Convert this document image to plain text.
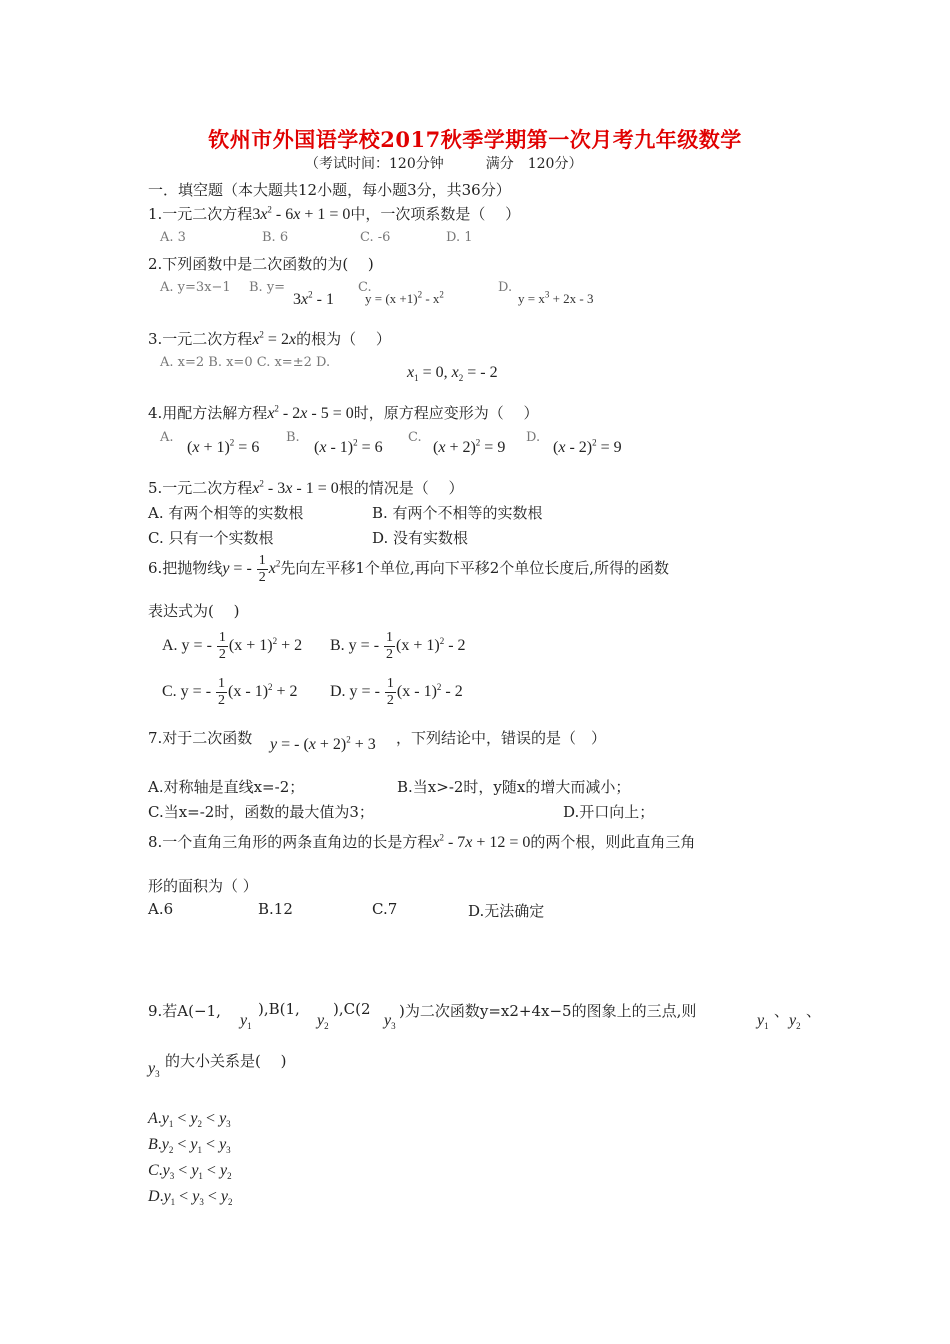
钦州市外国语学校2017秋季学期第一次月考九年级数学
（考试时间：120分钟　　　满分　120分）
一．填空题（本大题共12小题，每小题3分，共36分）
1.一元二次方程$3x^2 - 6x + 1 = 0$中，一次项系数是（　 ）
A. 3	B. 6	C. -6	D. 1
2.下列函数中是二次函数的为(　 )
A. y=3x−1 B. y=
$3x^2 - 1$
C.
$y = (x +1)^2 - x^2$	D.
$y = x^3 + 2x - 3$
3.一元二次方程$x^2 = 2x$的根为（　 ）
A. x=2 B. x=0 C. x=±2 D.
$x_1 = 0$, $x_2$ = - 2
4.用配方法解方程$x^2 - 2x - 5 = 0$时，原方程应变形为（　 ）
A.
$(x + 1)^2 = 6$
B.
(x - 1)$^2$ = 6
C.
$(x + 2)^2 = 9$
D.
(x - 2)$^2$ = 9
5.一元二次方程$x^2 - 3x - 1 = 0$根的情况是（　 ）
A. 有两个相等的实数根	B. 有两个不相等的实数根
C. 只有一个实数根	D. 没有实数根
6.把抛物线y = - $\frac{1}{2} x^2$先向左平移1个单位,再向下平移2个单位长度后,所得的函数
表达式为(　 )
A. y = - $\frac{1}{2} (x + 1)^2 + 2$ B. y = - $\frac{1}{2} (x + 1)^2 - 2$
C. y = - $\frac{1}{2} (x - 1)^2 + 2$ D. y = - $\frac{1}{2} (x - 1)^2 - 2$
7.对于二次函数 y = - $(x + 2)^2 + 3$ ，下列结论中，错误的是（　）
A.对称轴是直线x=-2；	B.当x>-2时，y随x的增大而减小；
C.当x=-2时，函数的最大值为3；	D.开口向上；
8.一个直角三角形的两条直角边的长是方程$x^2 - 7x + 12 = 0$的两个根，则此直角三角
形的面积为（ ）
A.6	B.12	C.7	D.无法确定
9.若A(−1,
$y_1$
),B(1,
$y_2$
),C(2
$y_3$
)为二次函数y=x2+4x−5的图象上的三点,则
$y_1$
、
$y_2$
、
$y_3$
的大小关系是(　 )
$A.y_1 < y_2 < y_3$
$B.y_2 < y_1 < y_3$
$C.y_3 < y_1 < y_2$
$D.y_1 < y_3 < y_2$
